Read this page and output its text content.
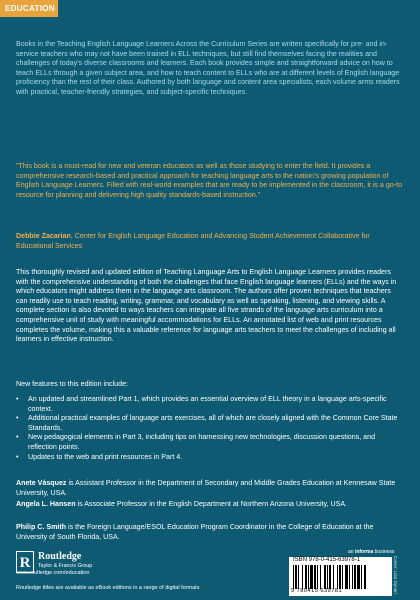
EDUCATION
Books in the Teaching English Language Learners Across the Curriculum Series are written specifically for pre- and in-service teachers who may not have been trained in ELL techniques, but still find themselves facing the realities and challenges of today's diverse classrooms and learners. Each book provides simple and straightforward advice on how to teach ELLs through a given subject area, and how to teach content to ELLs who are at different levels of English language proficiency than the rest of their class. Authored by both language and content area specialists, each volume arms readers with practical, teacher-friendly strategies, and subject-specific techniques.
"This book is a must-read for new and veteran educators as well as those studying to enter the field. It provides a comprehensive research-based and practical approach for teaching language arts to the nation's growing population of English Language Learners. Filled with real-world examples that are ready to be implemented in the classroom, it is a go-to resource for planning and delivering high quality standards-based instruction."
Debbie Zacarian, Center for English Language Education and Advancing Student Achievement Collaborative for Educational Services
This thoroughly revised and updated edition of Teaching Language Arts to English Language Learners provides readers with the comprehensive understanding of both the challenges that face English language learners (ELLs) and the ways in which educators might address them in the language arts classroom. The authors offer proven techniques that teachers can readily use to teach reading, writing, grammar, and vocabulary as well as speaking, listening, and viewing skills. A complete section is also devoted to ways teachers can integrate all five strands of the language arts curriculum into a comprehensive unit of study with meaningful accommodations for ELLs. An annotated list of web and print resources completes the volume, making this a valuable reference for language arts teachers to meet the challenges of including all learners in effective instruction.
New features to this edition include:
• An updated and streamlined Part 1, which provides an essential overview of ELL theory in a language arts-specific context.
• Additional practical examples of language arts exercises, all of which are closely aligned with the Common Core State Standards.
• New pedagogical elements in Part 3, including tips on harnessing new technologies, discussion questions, and reflection points.
• Updates to the web and print resources in Part 4.
Anete Vásquez is Assistant Professor in the Department of Secondary and Middle Grades Education at Kennesaw State University, USA.
Angela L. Hansen is Associate Professor in the English Department at Northern Arizona University, USA.
Philip C. Smith is the Foreign Language/ESOL Education Program Coordinator in the College of Education at the University of South Florida, USA.
R Routledge
Taylor & Francis Group
www.routledge.com/education
Routledge titles are available as eBook editions in a range of digital formats
an informa business
ISBN 978-0-415-63978-1
9 780415 639781	Cover: Lisa Dynan
